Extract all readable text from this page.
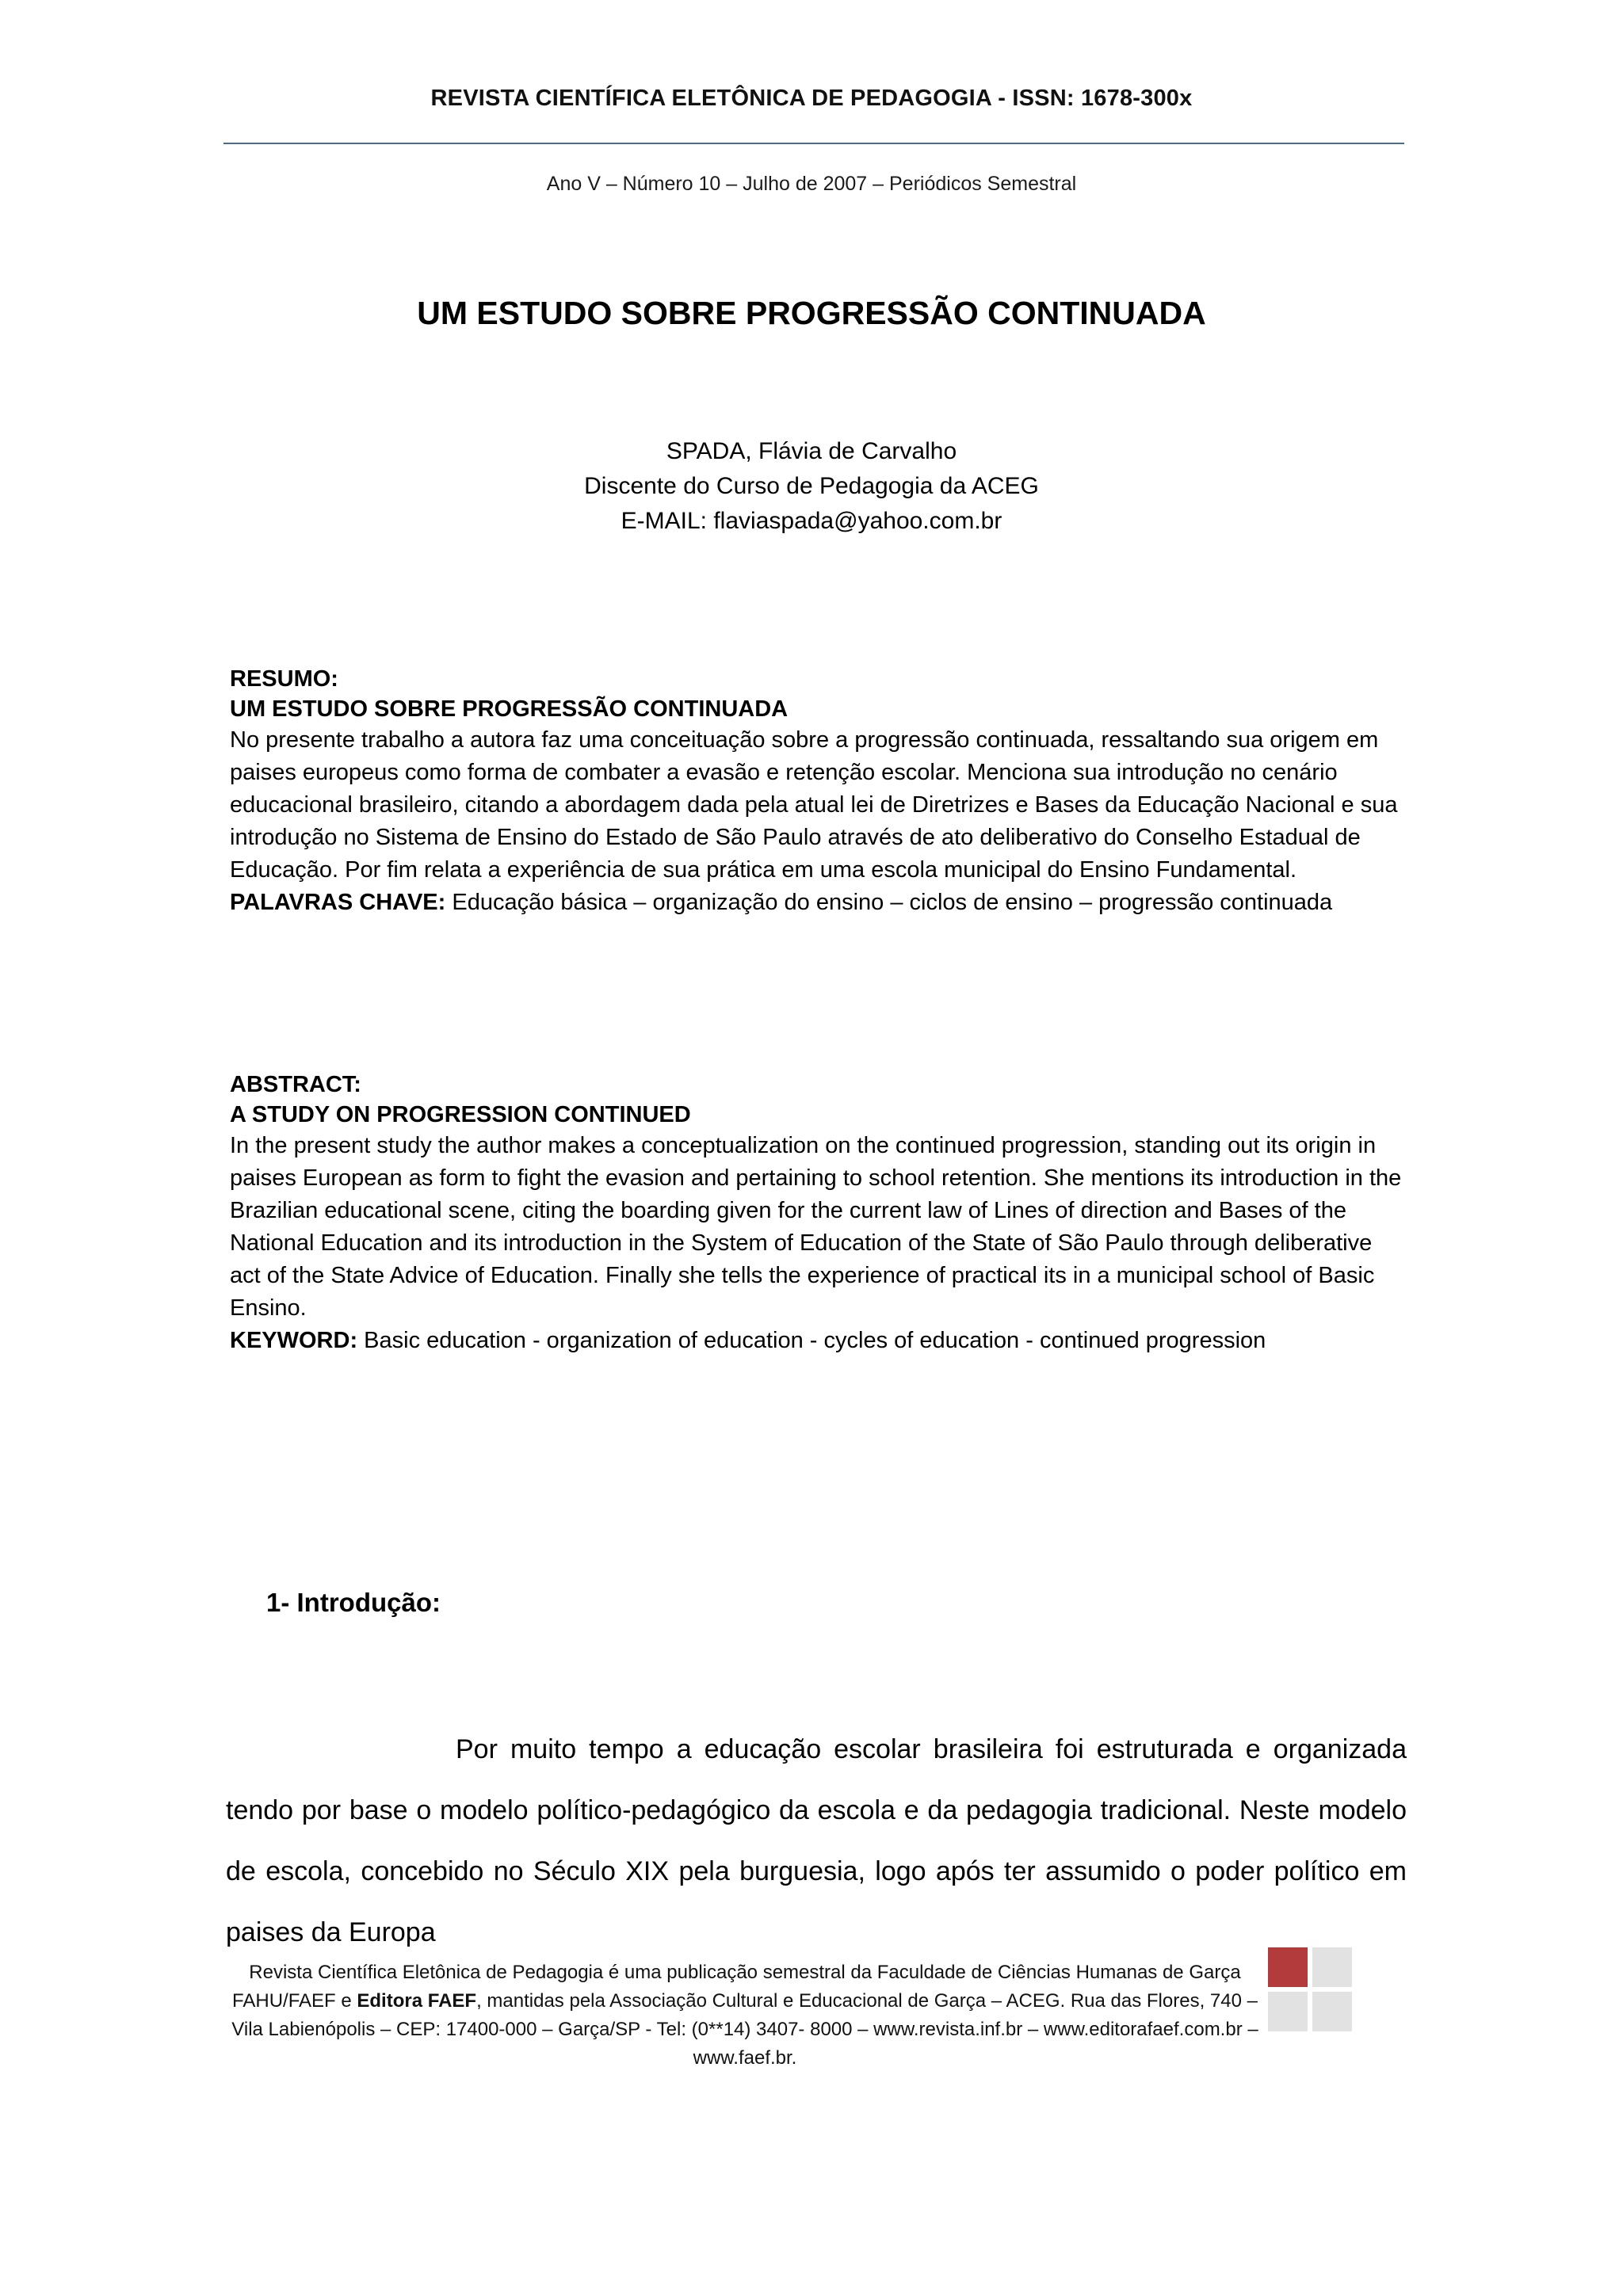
REVISTA CIENTÍFICA ELETÔNICA DE PEDAGOGIA - ISSN: 1678-300x
Ano V – Número 10 – Julho de 2007 – Periódicos Semestral
UM ESTUDO SOBRE PROGRESSÃO CONTINUADA
SPADA, Flávia de Carvalho
Discente do Curso de Pedagogia da ACEG
E-MAIL: flaviaspada@yahoo.com.br
RESUMO:
UM ESTUDO SOBRE PROGRESSÃO CONTINUADA

No presente trabalho a autora faz uma conceituação sobre a progressão continuada, ressaltando sua origem em paises europeus como forma de combater a evasão e retenção escolar. Menciona sua introdução no cenário educacional brasileiro, citando a abordagem dada pela atual lei de Diretrizes e Bases da Educação Nacional e sua introdução no Sistema de Ensino do Estado de São Paulo através de ato deliberativo do Conselho Estadual de Educação. Por fim relata a experiência de sua prática em uma escola municipal do Ensino Fundamental.

PALAVRAS CHAVE: Educação básica – organização do ensino – ciclos de ensino – progressão continuada

ABSTRACT:
A STUDY ON PROGRESSION CONTINUED

In the present study the author makes a conceptualization on the continued progression, standing out its origin in paises European as form to fight the evasion and pertaining to school retention. She mentions its introduction in the Brazilian educational scene, citing the boarding given for the current law of Lines of direction and Bases of the National Education and its introduction in the System of Education of the State of São Paulo through deliberative act of the State Advice of Education. Finally she tells the experience of practical its in a municipal school of Basic Ensino.

KEYWORD: Basic education - organization of education - cycles of education - continued progression

1- Introdução:
Por muito tempo a educação escolar brasileira foi estruturada e organizada tendo por base o modelo político-pedagógico da escola e da pedagogia tradicional. Neste modelo de escola, concebido no Século XIX pela burguesia, logo após ter assumido o poder político em paises da Europa
Revista Científica Eletônica de Pedagogia é uma publicação semestral da Faculdade de Ciências Humanas de Garça FAHU/FAEF e Editora FAEF, mantidas pela Associação Cultural e Educacional de Garça – ACEG. Rua das Flores, 740 – Vila Labienópolis – CEP: 17400-000 – Garça/SP - Tel: (0**14) 3407- 8000 – www.revista.inf.br – www.editorafaef.com.br – www.faef.br.
